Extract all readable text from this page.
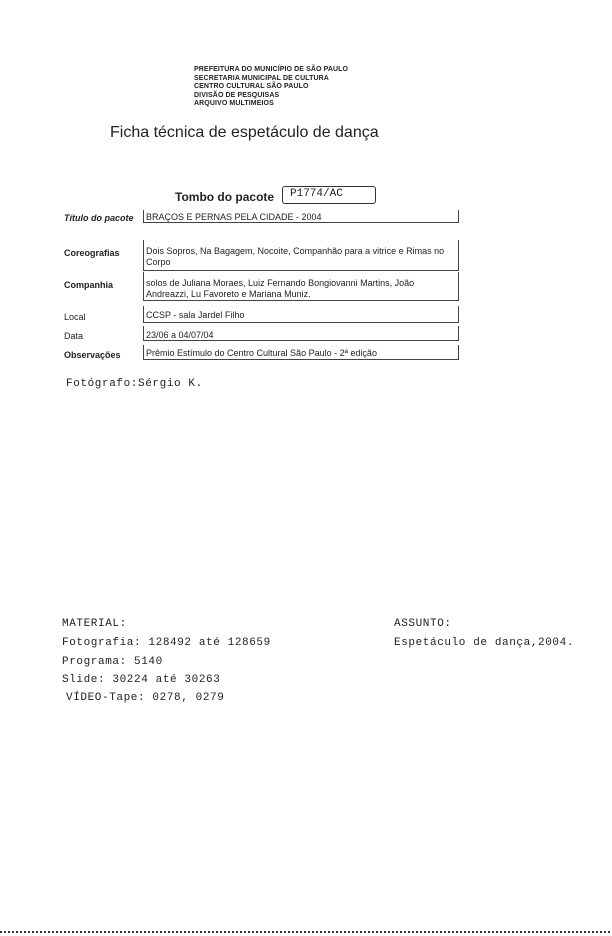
PREFEITURA DO MUNICÍPIO DE SÃO PAULO
SECRETARIA MUNICIPAL DE CULTURA
CENTRO CULTURAL SÃO PAULO
DIVISÃO DE PESQUISAS
ARQUIVO MULTIMEIOS
Ficha técnica de espetáculo de dança
Tombo do pacote P1774/AC
Título do pacote BRAÇOS E PERNAS PELA CIDADE - 2004
Coreografias	Dois Sopros, Na Bagagem, Nocoite, Companhão para a vitrice e Rimas no Corpo
Companhia	solos de Juliana Moraes, Luiz Fernando Bongiovanni Martins, João Andreazzi, Lu Favoreto e Mariana Muniz.
Local	CCSP - sala Jardel Filho
Data	23/06 a 04/07/04
Observações	Prêmio Estímulo do Centro Cultural São Paulo - 2ª edição
Fotógrafo:Sérgio K.
MATERIAL:
Fotografia: 128492 até 128659
Programa: 5140
Slide: 30224 até 30263
VÍDEO-Tape: 0278, 0279
ASSUNTO:
Espetáculo de dança,2004.
